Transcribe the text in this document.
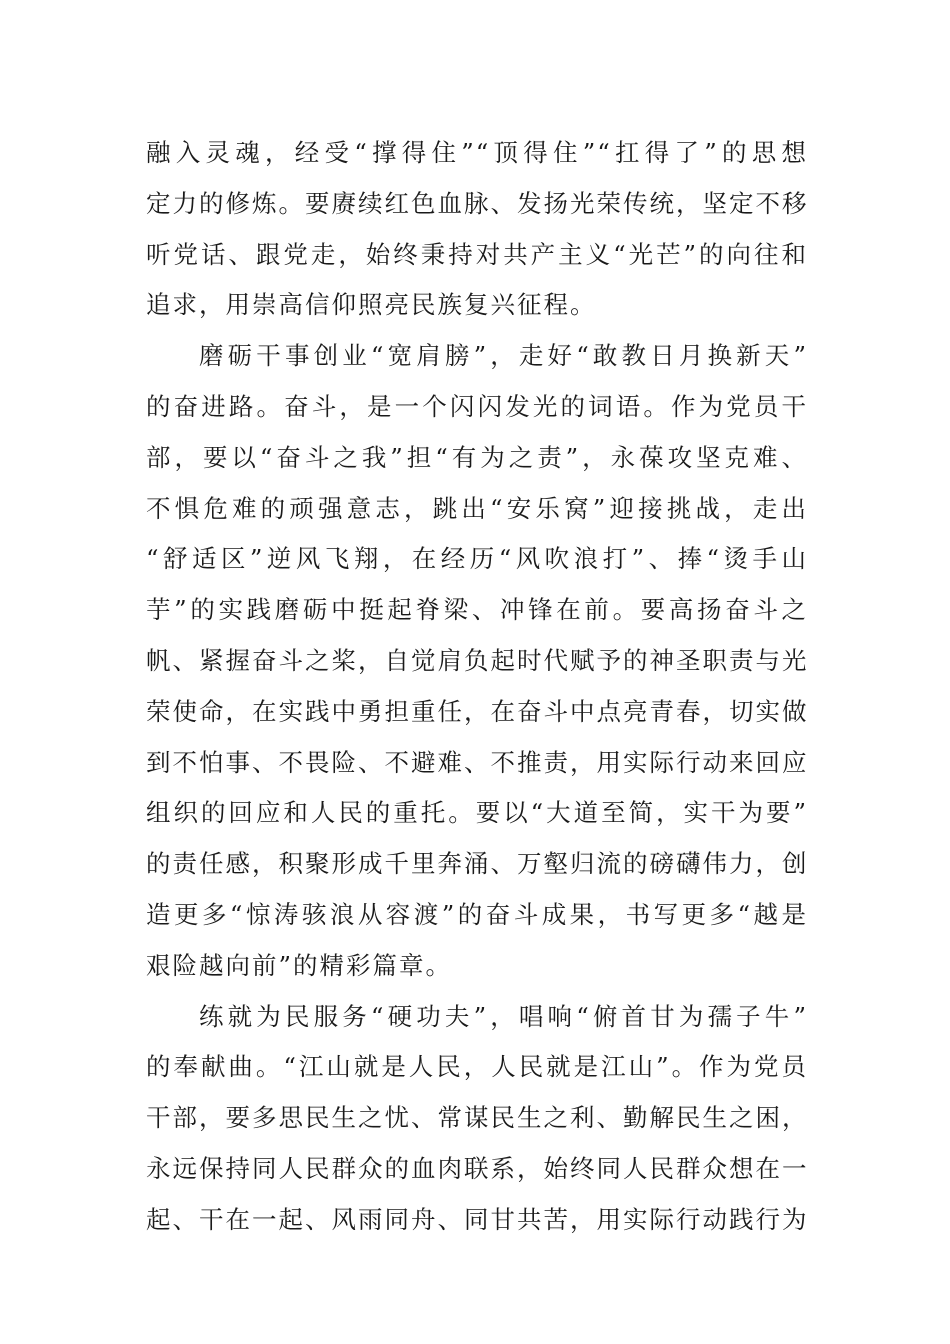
融入灵魂，经受“撑得住”“顶得住”“扛得了”的思想
定力的修炼。要赓续红色血脉、发扬光荣传统，坚定不移
听党话、跟党走，始终秉持对共产主义“光芒”的向往和
追求，用崇高信仰照亮民族复兴征程。
磨砺干事创业“宽肩膀”，走好“敢教日月换新天”
的奋进路。奋斗，是一个闪闪发光的词语。作为党员干
部，要以“奋斗之我”担“有为之责”，永葆攻坚克难、
不惧危难的顽强意志，跳出“安乐窝”迎接挑战，走出
“舒适区”逆风飞翔，在经历“风吹浪打”、捧“烫手山
芋”的实践磨砺中挺起脊梁、冲锋在前。要高扬奋斗之
帆、紧握奋斗之桨，自觉肩负起时代赋予的神圣职责与光
荣使命，在实践中勇担重任，在奋斗中点亮青春，切实做
到不怕事、不畏险、不避难、不推责，用实际行动来回应
组织的回应和人民的重托。要以“大道至简，实干为要”
的责任感，积聚形成千里奔涌、万壑归流的磅礴伟力，创
造更多“惊涛骇浪从容渡”的奋斗成果，书写更多“越是
艰险越向前”的精彩篇章。
练就为民服务“硬功夫”，唱响“俯首甘为孺子牛”
的奉献曲。“江山就是人民，人民就是江山”。作为党员
干部，要多思民生之忧、常谋民生之利、勤解民生之困，
永远保持同人民群众的血肉联系，始终同人民群众想在一
起、干在一起、风雨同舟、同甘共苦，用实际行动践行为
